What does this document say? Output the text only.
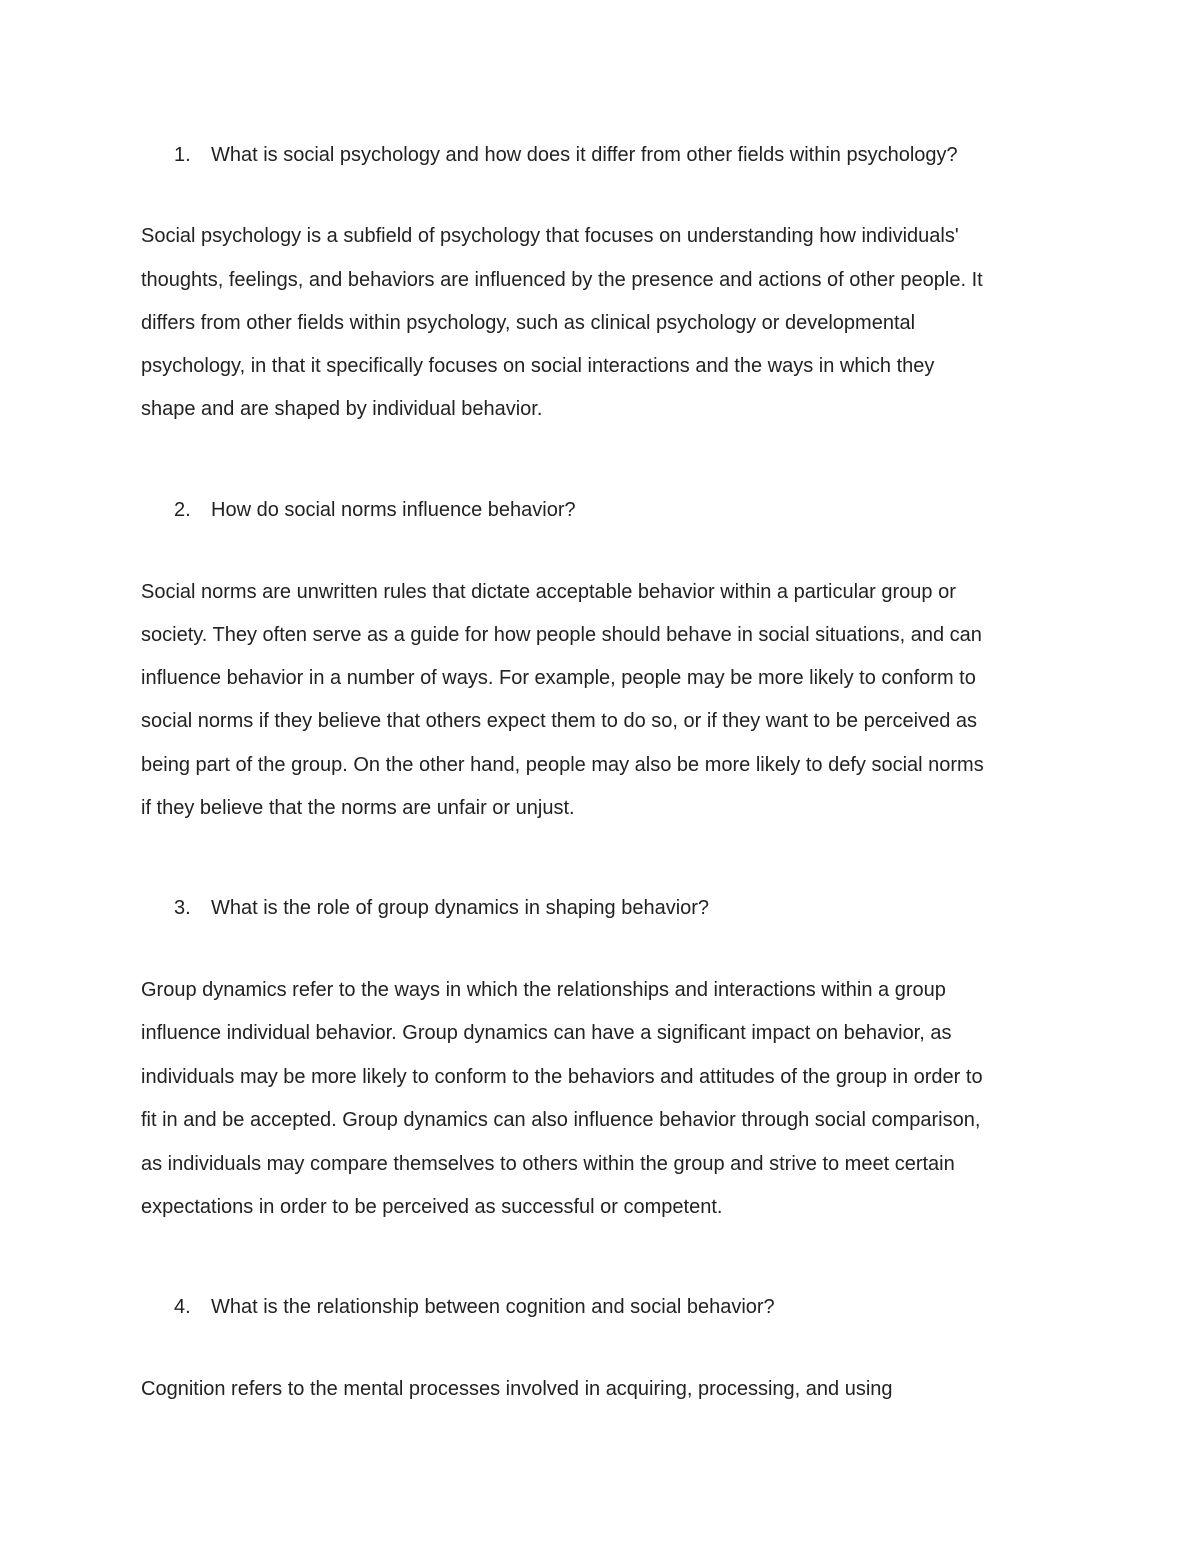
1. What is social psychology and how does it differ from other fields within psychology?

Social psychology is a subfield of psychology that focuses on understanding how individuals'

thoughts, feelings, and behaviors are influenced by the presence and actions of other people. It

differs from other fields within psychology, such as clinical psychology or developmental

psychology, in that it specifically focuses on social interactions and the ways in which they

shape and are shaped by individual behavior.

2. How do social norms influence behavior?

Social norms are unwritten rules that dictate acceptable behavior within a particular group or

society. They often serve as a guide for how people should behave in social situations, and can

influence behavior in a number of ways. For example, people may be more likely to conform to

social norms if they believe that others expect them to do so, or if they want to be perceived as

being part of the group. On the other hand, people may also be more likely to defy social norms

if they believe that the norms are unfair or unjust.

3. What is the role of group dynamics in shaping behavior?

Group dynamics refer to the ways in which the relationships and interactions within a group

influence individual behavior. Group dynamics can have a significant impact on behavior, as

individuals may be more likely to conform to the behaviors and attitudes of the group in order to

fit in and be accepted. Group dynamics can also influence behavior through social comparison,

as individuals may compare themselves to others within the group and strive to meet certain

expectations in order to be perceived as successful or competent.

4. What is the relationship between cognition and social behavior?

Cognition refers to the mental processes involved in acquiring, processing, and using
